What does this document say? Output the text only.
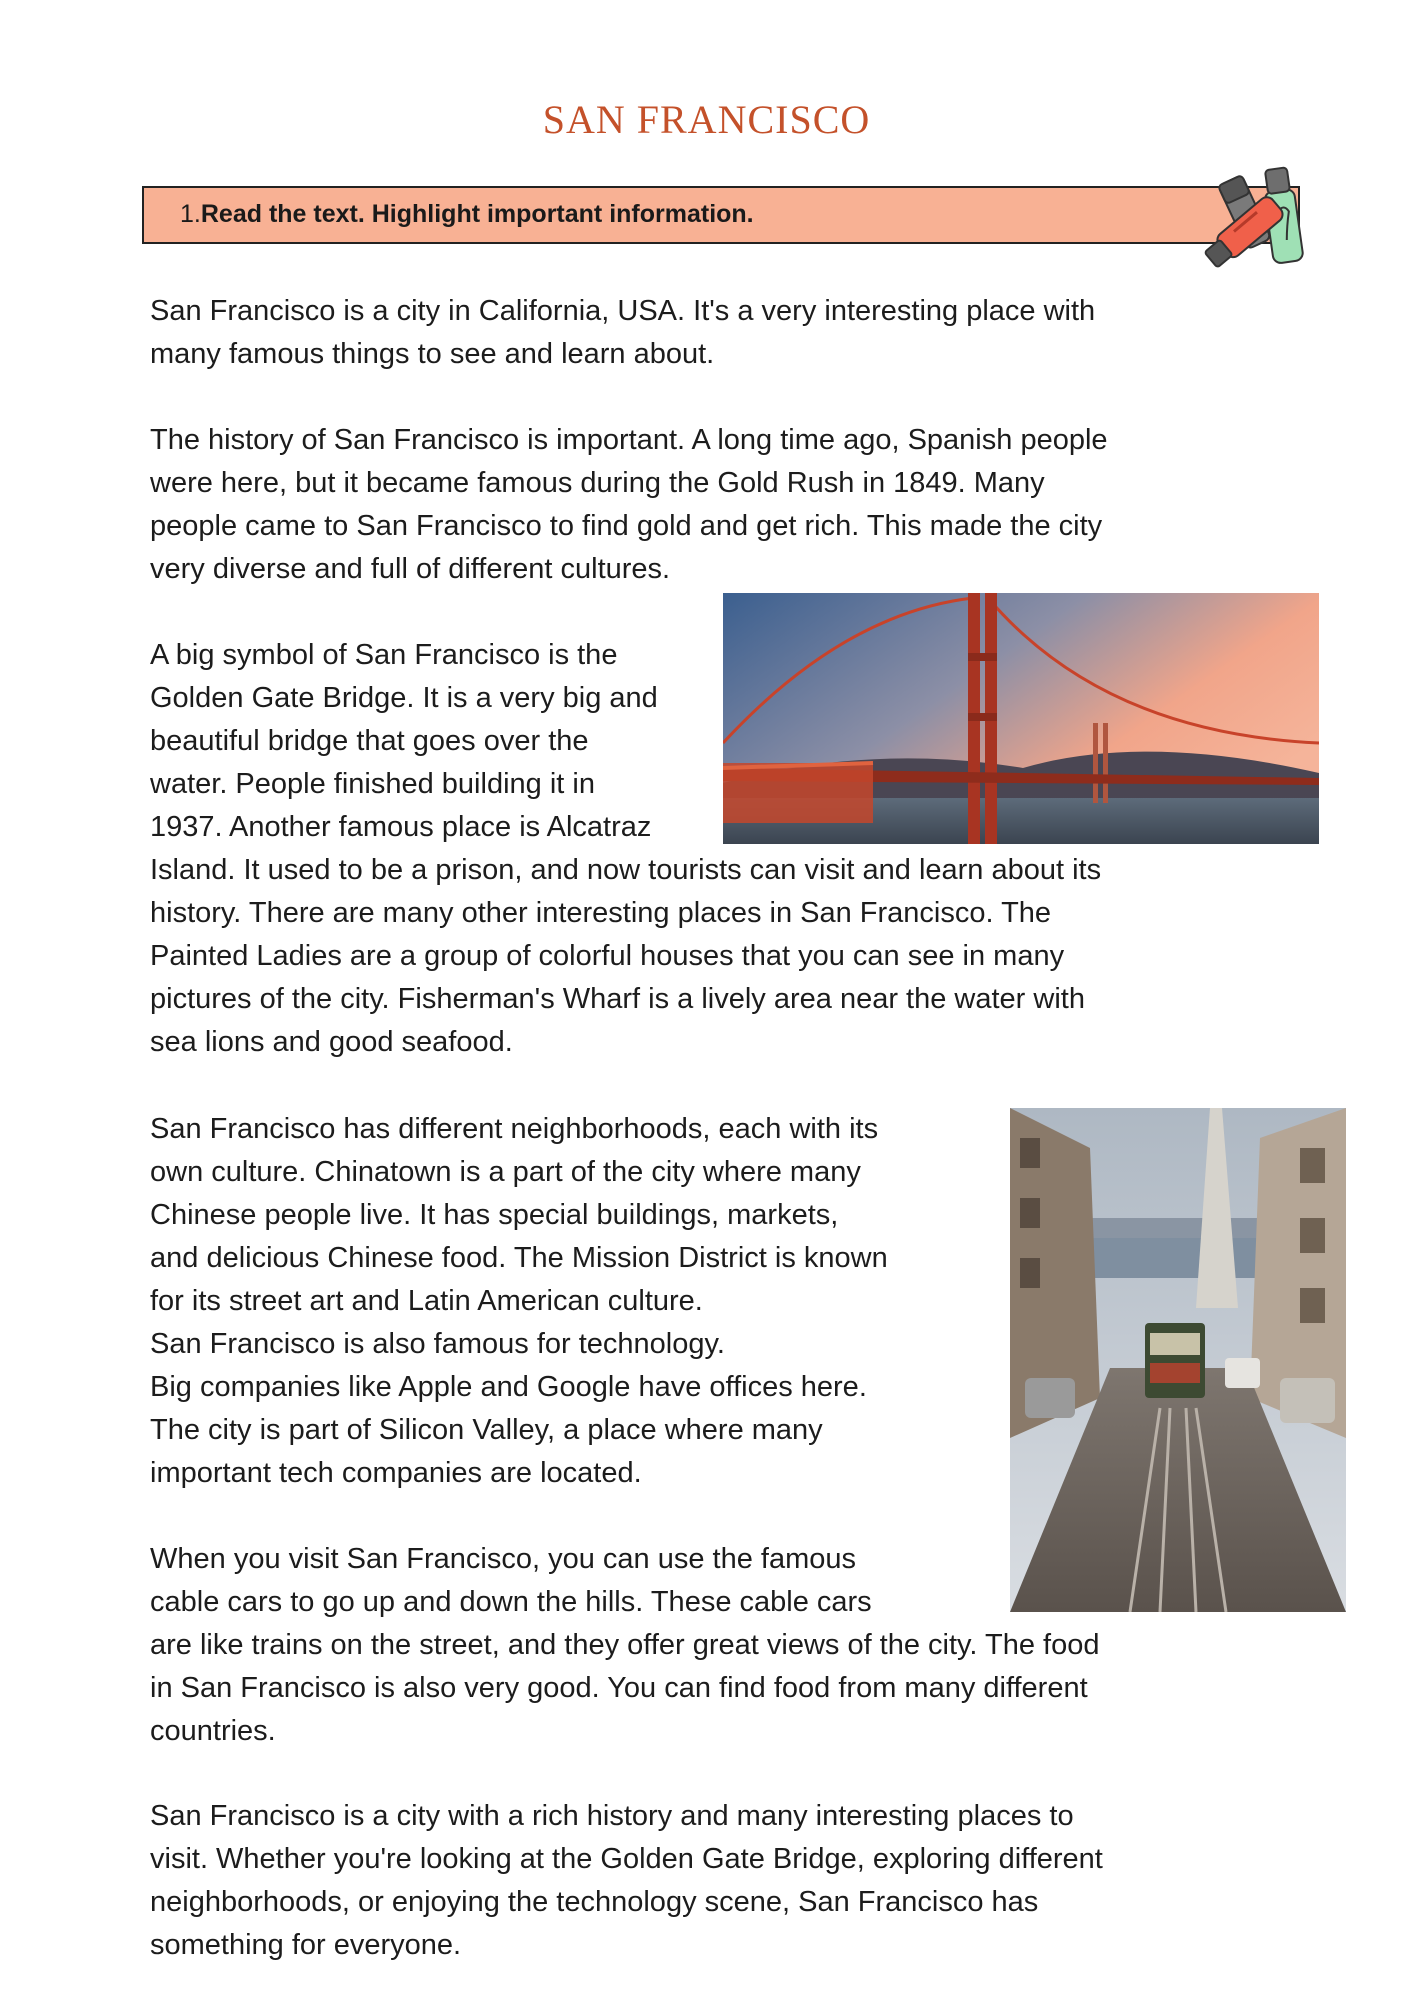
SAN FRANCISCO
1.Read the text. Highlight important information.
San Francisco is a city in California, USA. It's a very interesting place with
many famous things to see and learn about.
The history of San Francisco is important. A long time ago, Spanish people
were here, but it became famous during the Gold Rush in 1849. Many
people came to San Francisco to find gold and get rich. This made the city
very diverse and full of different cultures.
A big symbol of San Francisco is the
Golden Gate Bridge. It is a very big and
beautiful bridge that goes over the
water. People finished building it in
1937. Another famous place is Alcatraz
Island. It used to be a prison, and now tourists can visit and learn about its
history. There are many other interesting places in San Francisco. The
Painted Ladies are a group of colorful houses that you can see in many
pictures of the city. Fisherman's Wharf is a lively area near the water with
sea lions and good seafood.
San Francisco has different neighborhoods, each with its
own culture. Chinatown is a part of the city where many
Chinese people live. It has special buildings, markets,
and delicious Chinese food. The Mission District is known
for its street art and Latin American culture.
San Francisco is also famous for technology.
Big companies like Apple and Google have offices here.
The city is part of Silicon Valley, a place where many
important tech companies are located.
When you visit San Francisco, you can use the famous
cable cars to go up and down the hills. These cable cars
are like trains on the street, and they offer great views of the city. The food
in San Francisco is also very good. You can find food from many different
countries.
San Francisco is a city with a rich history and many interesting places to
visit. Whether you're looking at the Golden Gate Bridge, exploring different
neighborhoods, or enjoying the technology scene, San Francisco has
something for everyone.
